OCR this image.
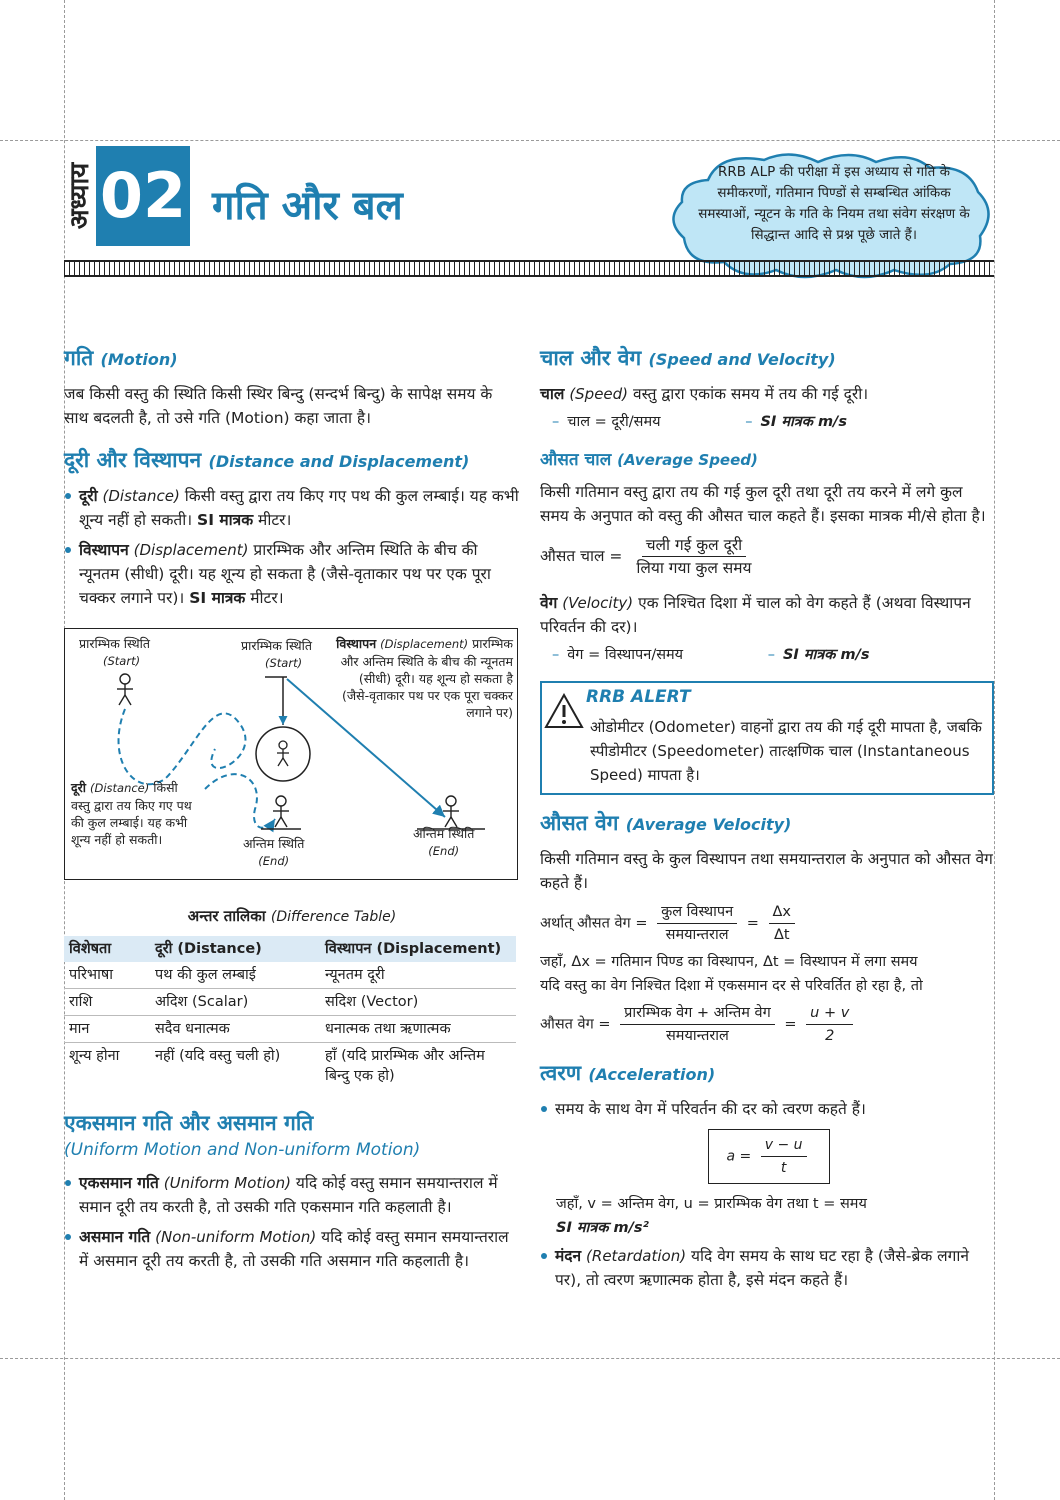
अध्याय 02 गति और बल
RRB ALP की परीक्षा में इस अध्याय से गति के समीकरणों, गतिमान पिण्डों से सम्बन्धित आंकिक समस्याओं, न्यूटन के गति के नियम तथा संवेग संरक्षण के सिद्धान्त आदि से प्रश्न पूछे जाते हैं।
गति (Motion)

जब किसी वस्तु की स्थिति किसी स्थिर बिन्दु (सन्दर्भ बिन्दु) के सापेक्ष समय के साथ बदलती है, तो उसे गति (Motion) कहा जाता है।

दूरी और विस्थापन (Distance and Displacement)
दूरी (Distance) किसी वस्तु द्वारा तय किए गए पथ की कुल लम्बाई। यह कभी शून्य नहीं हो सकती। SI मात्रक मीटर।
विस्थापन (Displacement) प्रारम्भिक और अन्तिम स्थिति के बीच की न्यूनतम (सीधी) दूरी। यह शून्य हो सकता है (जैसे-वृताकार पथ पर एक पूरा चक्कर लगाने पर)। SI मात्रक मीटर।
प्रारम्भिक स्थिति
(Start)
प्रारम्भिक स्थिति
(Start)
विस्थापन (Displacement) प्रारम्भिक और अन्तिम स्थिति के बीच की न्यूनतम (सीधी) दूरी। यह शून्य हो सकता है (जैसे-वृताकार पथ पर एक पूरा चक्कर लगाने पर)
दूरी (Distance) किसी वस्तु द्वारा तय किए गए पथ की कुल लम्बाई। यह कभी शून्य नहीं हो सकती।	अन्तिम स्थिति
(End)
अन्तिम स्थिति
(End)
अन्तर तालिका (Difference Table)
विशेषता	दूरी (Distance)	विस्थापन (Displacement)
परिभाषा	पथ की कुल लम्बाई	न्यूनतम दूरी
राशि	अदिश (Scalar)	सदिश (Vector)
मान	सदैव धनात्मक	धनात्मक तथा ऋणात्मक
शून्य होना	नहीं (यदि वस्तु चली हो)	हाँ (यदि प्रारम्भिक और अन्तिम बिन्दु एक हो)
एकसमान गति और असमान गति
(Uniform Motion and Non-uniform Motion)
एकसमान गति (Uniform Motion) यदि कोई वस्तु समान समयान्तराल में समान दूरी तय करती है, तो उसकी गति एकसमान गति कहलाती है।
असमान गति (Non-uniform Motion) यदि कोई वस्तु समान समयान्तराल में असमान दूरी तय करती है, तो उसकी गति असमान गति कहलाती है।
चाल और वेग (Speed and Velocity)

चाल (Speed) वस्तु द्वारा एकांक समय में तय की गई दूरी।

– चाल = दूरी/समय	– SI मात्रक m/s

औसत चाल (Average Speed)

किसी गतिमान वस्तु द्वारा तय की गई कुल दूरी तथा दूरी तय करने में लगे कुल समय के अनुपात को वस्तु की औसत चाल कहते हैं। इसका मात्रक मी/से होता है।

औसत चाल = $\frac{\text{चली गई कुल दूरी}}{\text{लिया गया कुल समय}}$

वेग (Velocity) एक निश्चित दिशा में चाल को वेग कहते हैं (अथवा विस्थापन परिवर्तन की दर)।

– वेग = विस्थापन/समय	– SI मात्रक m/s

RRB ALERT
ओडोमीटर (Odometer) वाहनों द्वारा तय की गई दूरी मापता है, जबकि स्पीडोमीटर (Speedometer) तात्क्षणिक चाल (Instantaneous Speed) मापता है।
औसत वेग (Average Velocity)

किसी गतिमान वस्तु के कुल विस्थापन तथा समयान्तराल के अनुपात को औसत वेग कहते हैं।

अर्थात् औसत वेग = $\frac{\text{कुल विस्थापन}}{\text{समयान्तराल}} = \frac{\Delta x}{\Delta t}$

जहाँ, Δx = गतिमान पिण्ड का विस्थापन, Δt = विस्थापन में लगा समय

यदि वस्तु का वेग निश्चित दिशा में एकसमान दर से परिवर्तित हो रहा है, तो

औसत वेग = $\frac{\text{प्रारम्भिक वेग + अन्तिम वेग}}{\text{समयान्तराल}} = \frac{u + v}{2}$
त्वरण (Acceleration)
समय के साथ वेग में परिवर्तन की दर को त्वरण कहते हैं।
$a = \frac{v - u}{t}$

जहाँ, v = अन्तिम वेग, u = प्रारम्भिक वेग तथा t = समय

SI मात्रक m/s²

मंदन (Retardation) यदि वेग समय के साथ घट रहा है (जैसे-ब्रेक लगाने पर), तो त्वरण ऋणात्मक होता है, इसे मंदन कहते हैं।
